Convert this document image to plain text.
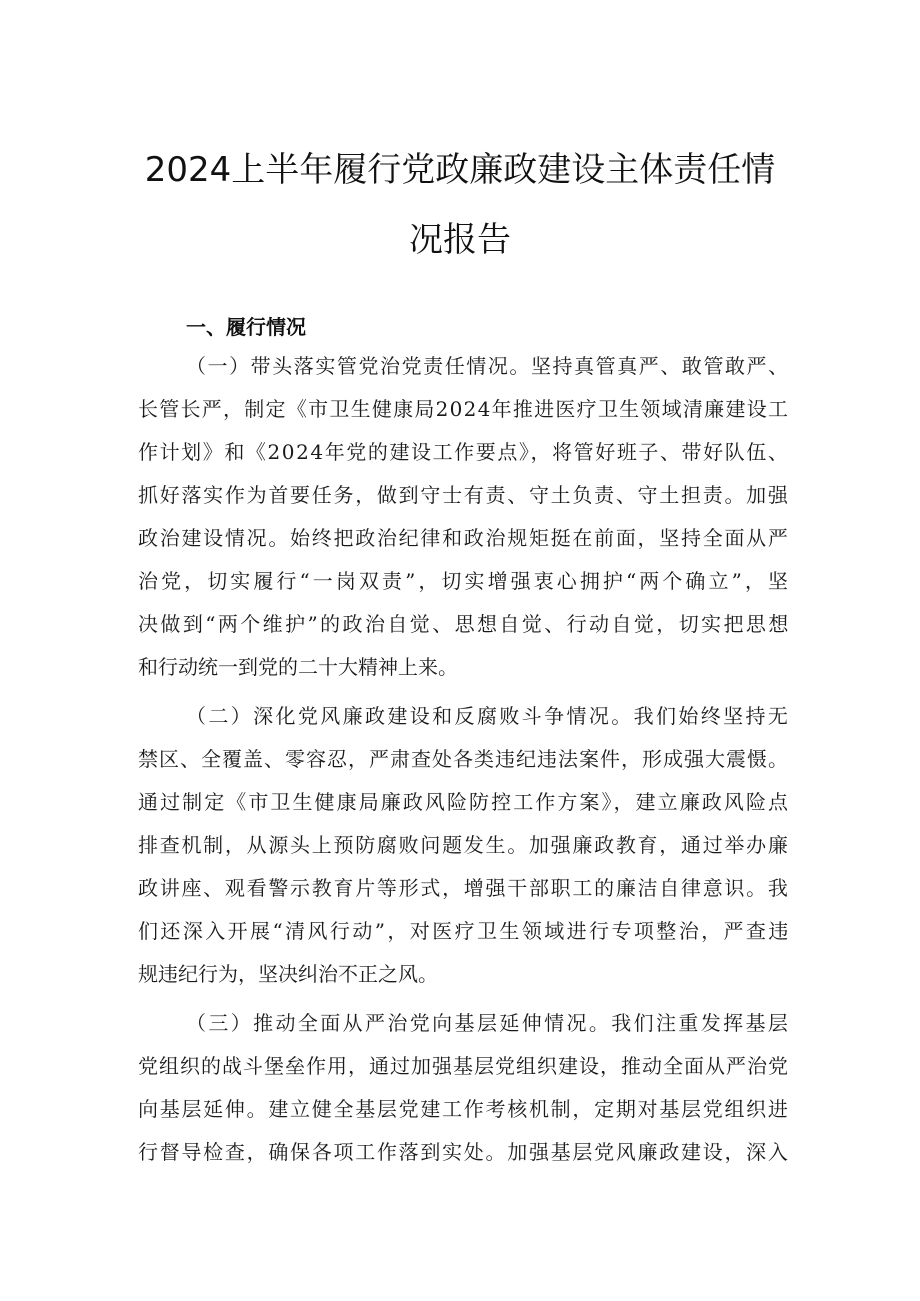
2024上半年履行党政廉政建设主体责任情
况报告
一、履行情况

（一）带头落实管党治党责任情况。坚持真管真严、敢管敢严、

长管长严，制定《市卫生健康局2024年推进医疗卫生领域清廉建设工

作计划》和《2024年党的建设工作要点》，将管好班子、带好队伍、

抓好落实作为首要任务，做到守士有责、守土负责、守土担责。加强

政治建设情况。始终把政治纪律和政治规矩挺在前面，坚持全面从严

治党，切实履行“一岗双责”，切实增强衷心拥护“两个确立”，坚

决做到“两个维护”的政治自觉、思想自觉、行动自觉，切实把思想

和行动统一到党的二十大精神上来。

（二）深化党风廉政建设和反腐败斗争情况。我们始终坚持无

禁区、全覆盖、零容忍，严肃查处各类违纪违法案件，形成强大震慑。

通过制定《市卫生健康局廉政风险防控工作方案》，建立廉政风险点

排查机制，从源头上预防腐败问题发生。加强廉政教育，通过举办廉

政讲座、观看警示教育片等形式，增强干部职工的廉洁自律意识。我

们还深入开展“清风行动”，对医疗卫生领域进行专项整治，严查违

规违纪行为，坚决纠治不正之风。

（三）推动全面从严治党向基层延伸情况。我们注重发挥基层

党组织的战斗堡垒作用，通过加强基层党组织建设，推动全面从严治党

向基层延伸。建立健全基层党建工作考核机制，定期对基层党组织进

行督导检查，确保各项工作落到实处。加强基层党风廉政建设，深入
